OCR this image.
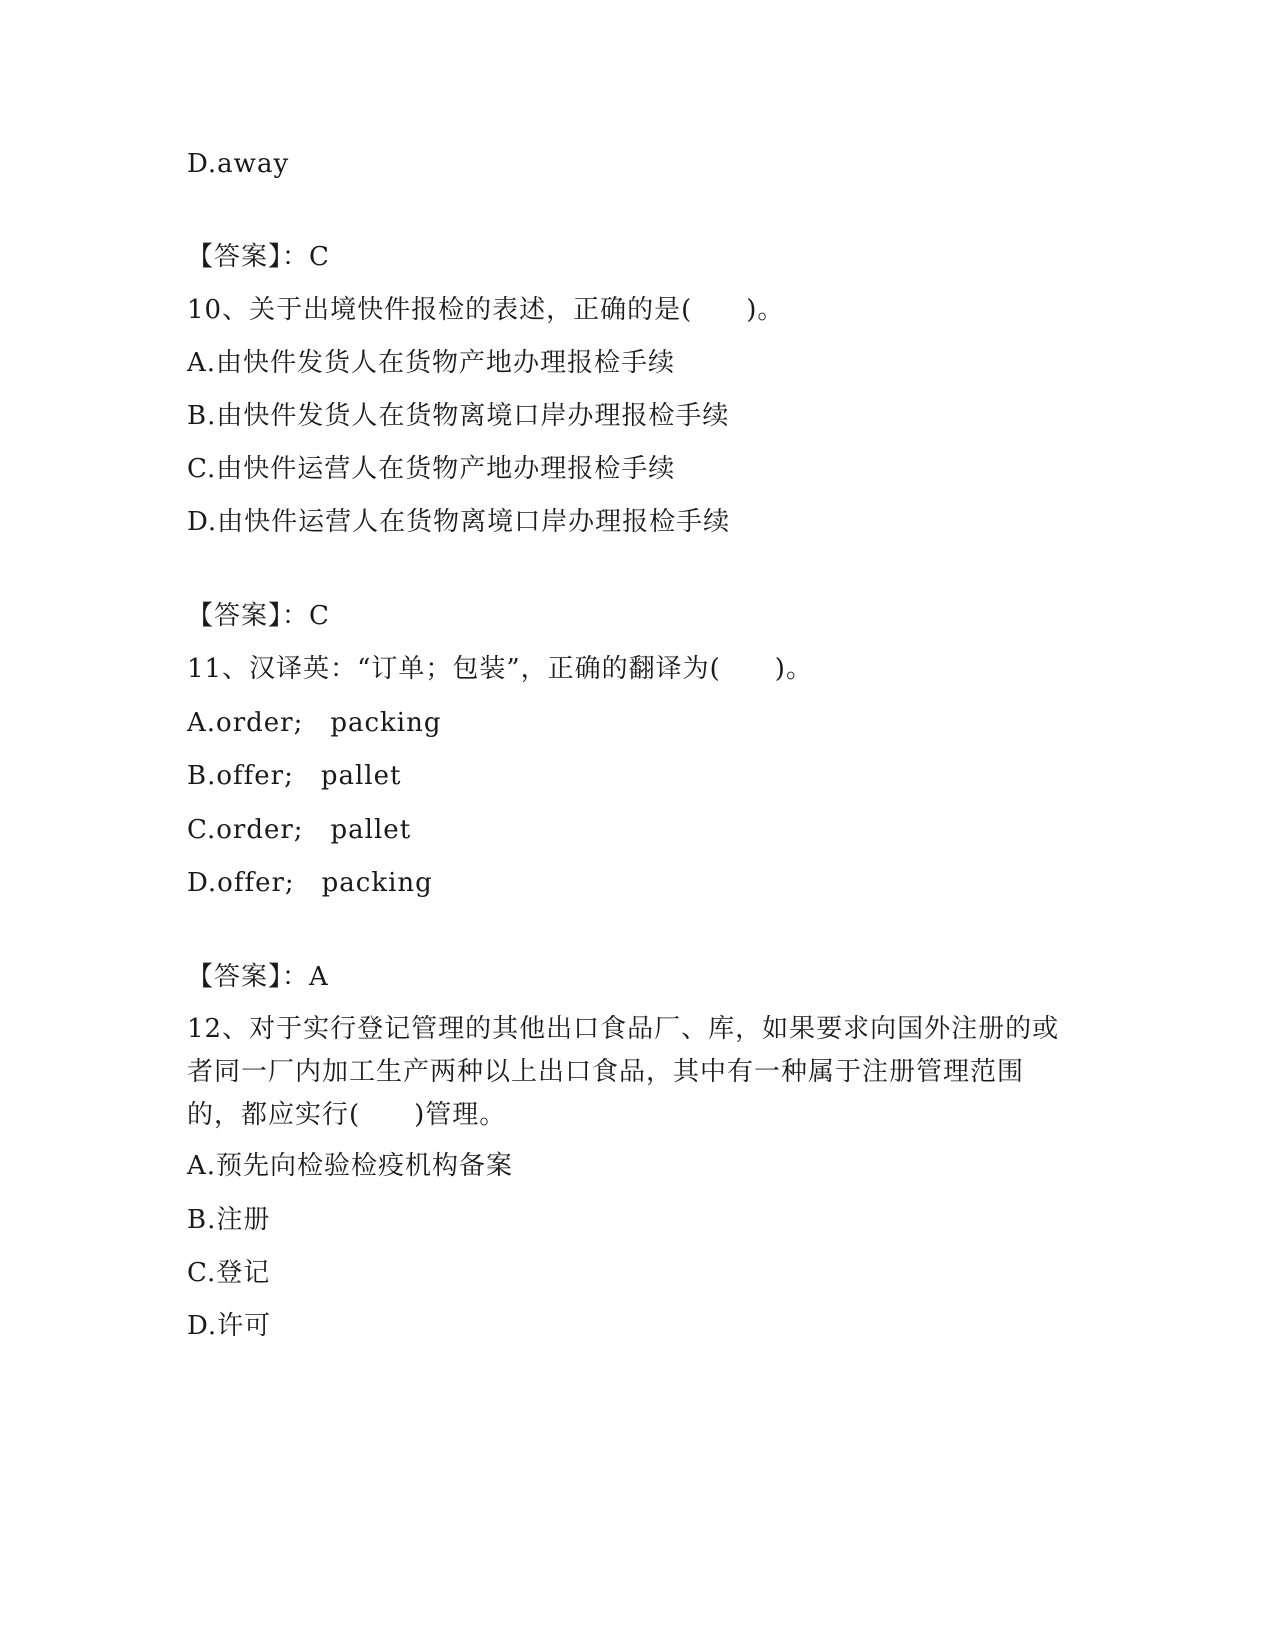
D.away
【答案】：C
10、关于出境快件报检的表述，正确的是(　　)。
A.由快件发货人在货物产地办理报检手续
B.由快件发货人在货物离境口岸办理报检手续
C.由快件运营人在货物产地办理报检手续
D.由快件运营人在货物离境口岸办理报检手续
【答案】：C
11、汉译英：“订单；包装”，正确的翻译为(　　)。
A.order;　packing
B.offer;　pallet
C.order;　pallet
D.offer;　packing
【答案】：A
12、对于实行登记管理的其他出口食品厂、库，如果要求向国外注册的或者同一厂内加工生产两种以上出口食品，其中有一种属于注册管理范围的，都应实行(　　)管理。
A.预先向检验检疫机构备案
B.注册
C.登记
D.许可
